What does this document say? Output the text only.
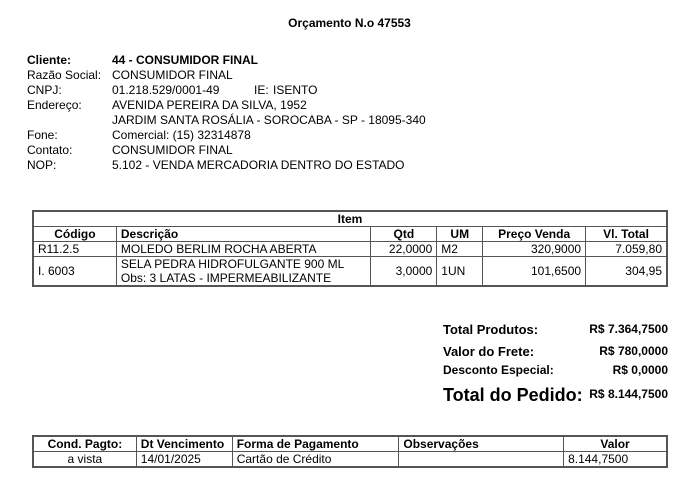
Orçamento N.o 47553
Cliente:	44 - CONSUMIDOR FINAL
Razão Social: CONSUMIDOR FINAL
CNPJ:	01.218.529/0001-49	IE: ISENTO
Endereço:	AVENIDA PEREIRA DA SILVA, 1952
JARDIM SANTA ROSÁLIA - SOROCABA - SP - 18095-340
Fone:	Comercial: (15) 32314878
Contato:	CONSUMIDOR FINAL
NOP:	5.102 - VENDA MERCADORIA DENTRO DO ESTADO
Item					
Código	Descrição	Qtd	UM	Preço Venda	Vl. Total
R11.2.5	MOLEDO BERLIM ROCHA ABERTA	22,0000	M2	320,9000	7.059,80
I. 6003	SELA PEDRA HIDROFULGANTE 900 ML
Obs: 3 LATAS - IMPERMEABILIZANTE	3,0000	1UN	101,6500	304,95
Total Produtos:	R$ 7.364,7500
Valor do Frete:	R$ 780,0000
Desconto Especial:	R$ 0,0000
Total do Pedido: R$ 8.144,7500
Cond. Pagto:	Dt Vencimento	Forma de Pagamento	Observações	Valor
a vista	14/01/2025	Cartão de Crédito		8.144,7500
